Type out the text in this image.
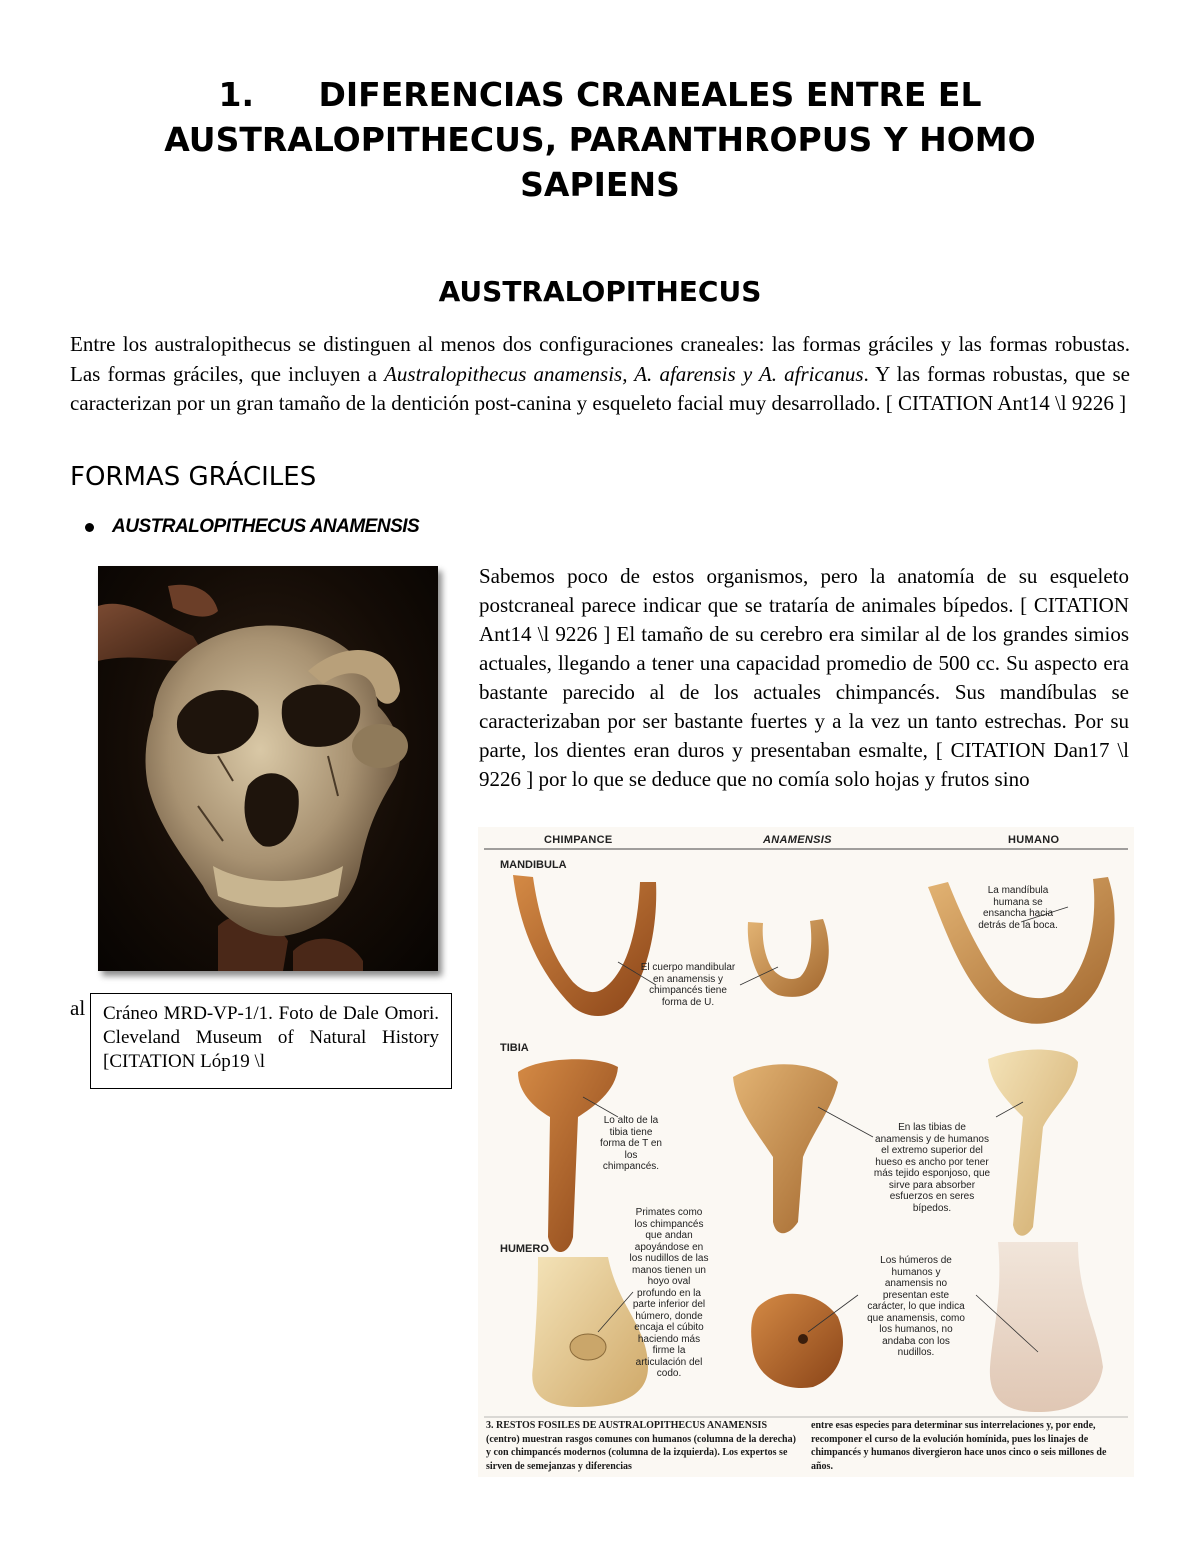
1. DIFERENCIAS CRANEALES ENTRE EL
AUSTRALOPITHECUS, PARANTHROPUS Y HOMO
SAPIENS
AUSTRALOPITHECUS

Entre los australopithecus se distinguen al menos dos configuraciones craneales: las formas gráciles y las formas robustas. Las formas gráciles, que incluyen a Australopithecus anamensis, A. afarensis y A. africanus. Y las formas robustas, que se caracterizan por un gran tamaño de la dentición post-canina y esqueleto facial muy desarrollado. [ CITATION Ant14 \l 9226 ]

FORMAS GRÁCILES
AUSTRALOPITHECUS ANAMENSIS

Sabemos poco de estos organismos, pero la anatomía de su esqueleto postcraneal parece indicar que se trataría de animales bípedos. [ CITATION Ant14 \l 9226 ] El tamaño de su cerebro era similar al de los grandes simios actuales, llegando a tener una capacidad promedio de 500 cc. Su aspecto era bastante parecido al de los actuales chimpancés. Sus mandíbulas se caracterizaban por ser bastante fuertes y a la vez un tanto estrechas. Por su parte, los dientes eran duros y presentaban esmalte, [ CITATION Dan17 \l 9226 ] por lo que se deduce que no comía solo hojas y frutos sino

al Cráneo MRD-VP-1/1. Foto de Dale Omori. Cleveland Museum of Natural History [CITATION Lóp19 \l
CHIMPANCE	ANAMENSIS	HUMANO
MANDIBULA
TIBIA
HUMERO
El cuerpo mandibular en anamensis y chimpancés tiene forma de U.
La mandíbula humana se ensancha hacia detrás de la boca.
Lo alto de la tibia tiene forma de T en los chimpancés.
En las tibias de anamensis y de humanos el extremo superior del hueso es ancho por tener más tejido esponjoso, que sirve para absorber esfuerzos en seres bípedos.
Primates como los chimpancés que andan apoyándose en los nudillos de las manos tienen un hoyo oval profundo en la parte inferior del húmero, donde encaja el cúbito haciendo más firme la articulación del codo.
Los húmeros de humanos y anamensis no presentan este carácter, lo que indica que anamensis, como los humanos, no andaba con los nudillos.
3. RESTOS FOSILES DE AUSTRALOPITHECUS ANAMENSIS (centro) muestran rasgos comunes con humanos (columna de la derecha) y con chimpancés modernos (columna de la izquierda). Los expertos se sirven de semejanzas y diferencias
entre esas especies para determinar sus interrelaciones y, por ende, recomponer el curso de la evolución homínida, pues los linajes de chimpancés y humanos divergieron hace unos cinco o seis millones de años.
